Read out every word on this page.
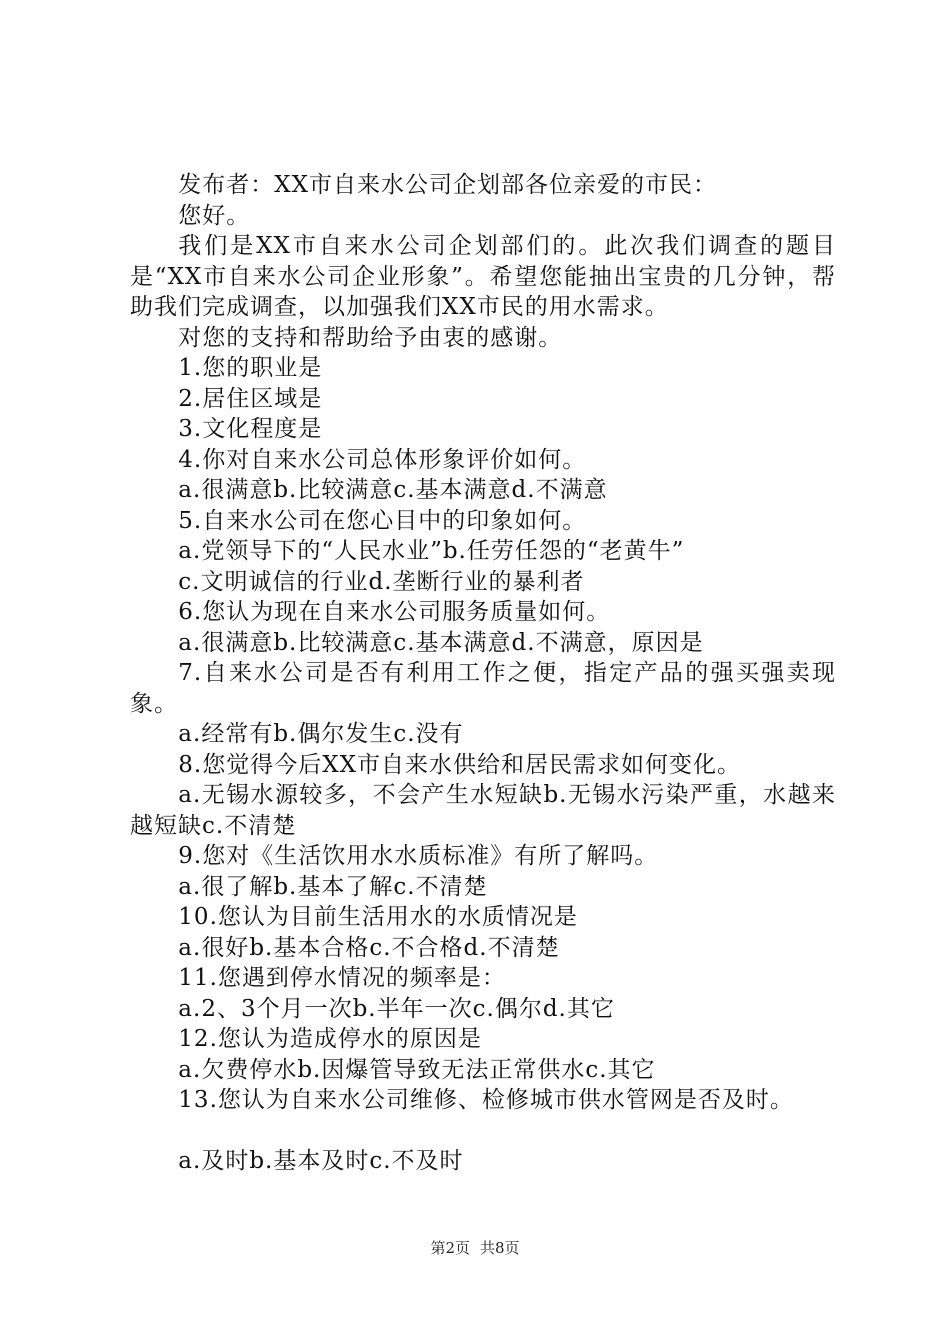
发布者：XX市自来水公司企划部各位亲爱的市民：

您好。

我们是XX市自来水公司企划部们的。此次我们调查的题目是“XX市自来水公司企业形象”。希望您能抽出宝贵的几分钟，帮助我们完成调查，以加强我们XX市民的用水需求。

对您的支持和帮助给予由衷的感谢。

1.您的职业是

2.居住区域是

3.文化程度是

4.你对自来水公司总体形象评价如何。

a.很满意b.比较满意c.基本满意d.不满意

5.自来水公司在您心目中的印象如何。

a.党领导下的“人民水业”b.任劳任怨的“老黄牛”

c.文明诚信的行业d.垄断行业的暴利者

6.您认为现在自来水公司服务质量如何。

a.很满意b.比较满意c.基本满意d.不满意，原因是

7.自来水公司是否有利用工作之便，指定产品的强买强卖现象。

a.经常有b.偶尔发生c.没有

8.您觉得今后XX市自来水供给和居民需求如何变化。

a.无锡水源较多，不会产生水短缺b.无锡水污染严重，水越来越短缺c.不清楚

9.您对《生活饮用水水质标准》有所了解吗。

a.很了解b.基本了解c.不清楚

10.您认为目前生活用水的水质情况是

a.很好b.基本合格c.不合格d.不清楚

11.您遇到停水情况的频率是：

a.2、3个月一次b.半年一次c.偶尔d.其它

12.您认为造成停水的原因是

a.欠费停水b.因爆管导致无法正常供水c.其它

13.您认为自来水公司维修、检修城市供水管网是否及时。

a.及时b.基本及时c.不及时

第2页 共8页
